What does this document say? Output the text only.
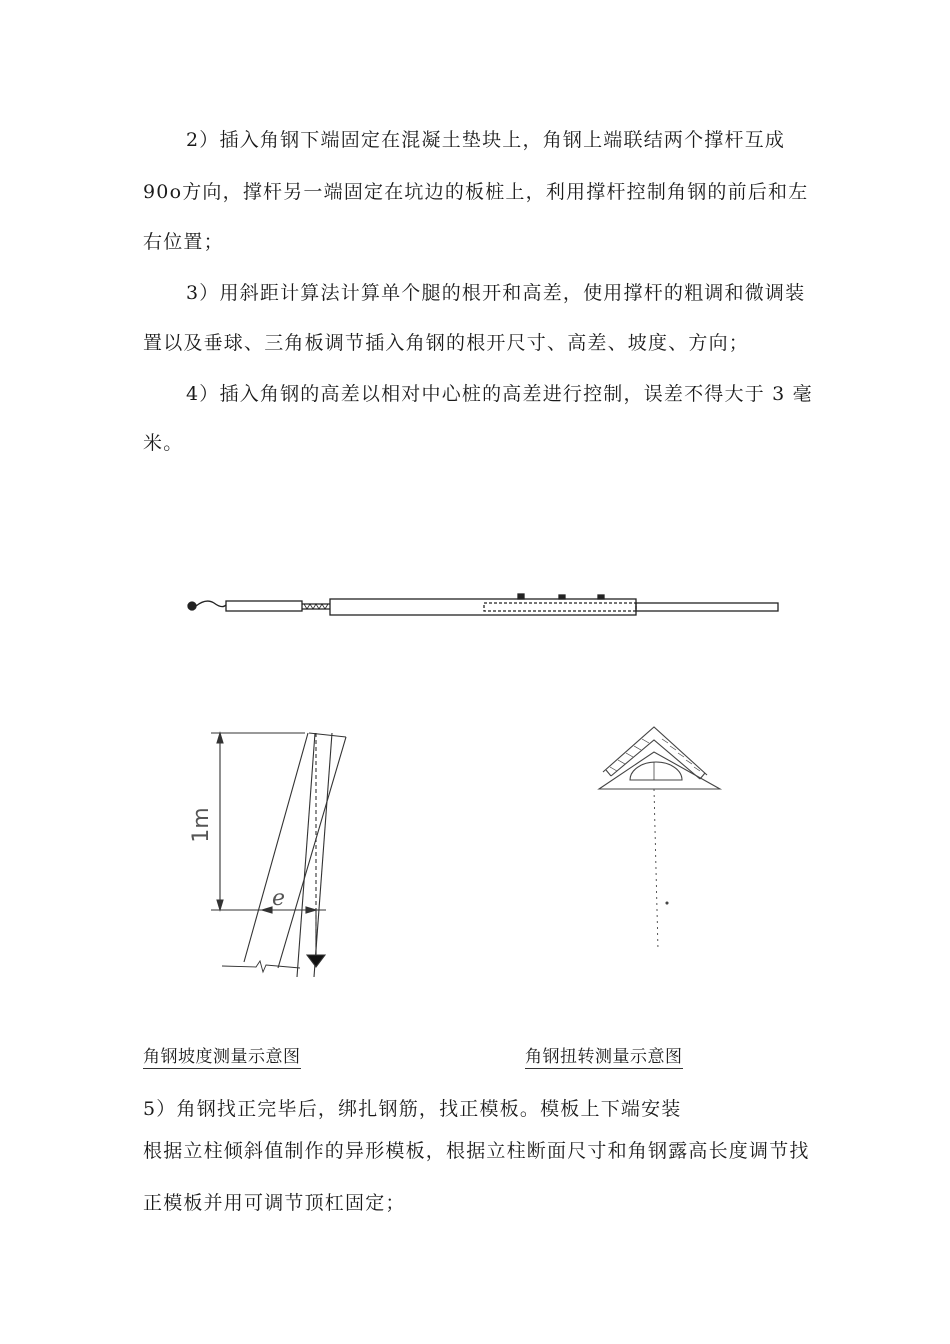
2）插入角钢下端固定在混凝土垫块上，角钢上端联结两个撑杆互成
90o方向，撑杆另一端固定在坑边的板桩上，利用撑杆控制角钢的前后和左
右位置；
3）用斜距计算法计算单个腿的根开和高差，使用撑杆的粗调和微调装
置以及垂球、三角板调节插入角钢的根开尺寸、高差、坡度、方向；
4）插入角钢的高差以相对中心桩的高差进行控制，误差不得大于 3 毫
米。
1m
e
角钢坡度测量示意图	角钢扭转测量示意图
5）角钢找正完毕后，绑扎钢筋，找正模板。模板上下端安装
根据立柱倾斜值制作的异形模板，根据立柱断面尺寸和角钢露高长度调节找
正模板并用可调节顶杠固定；
